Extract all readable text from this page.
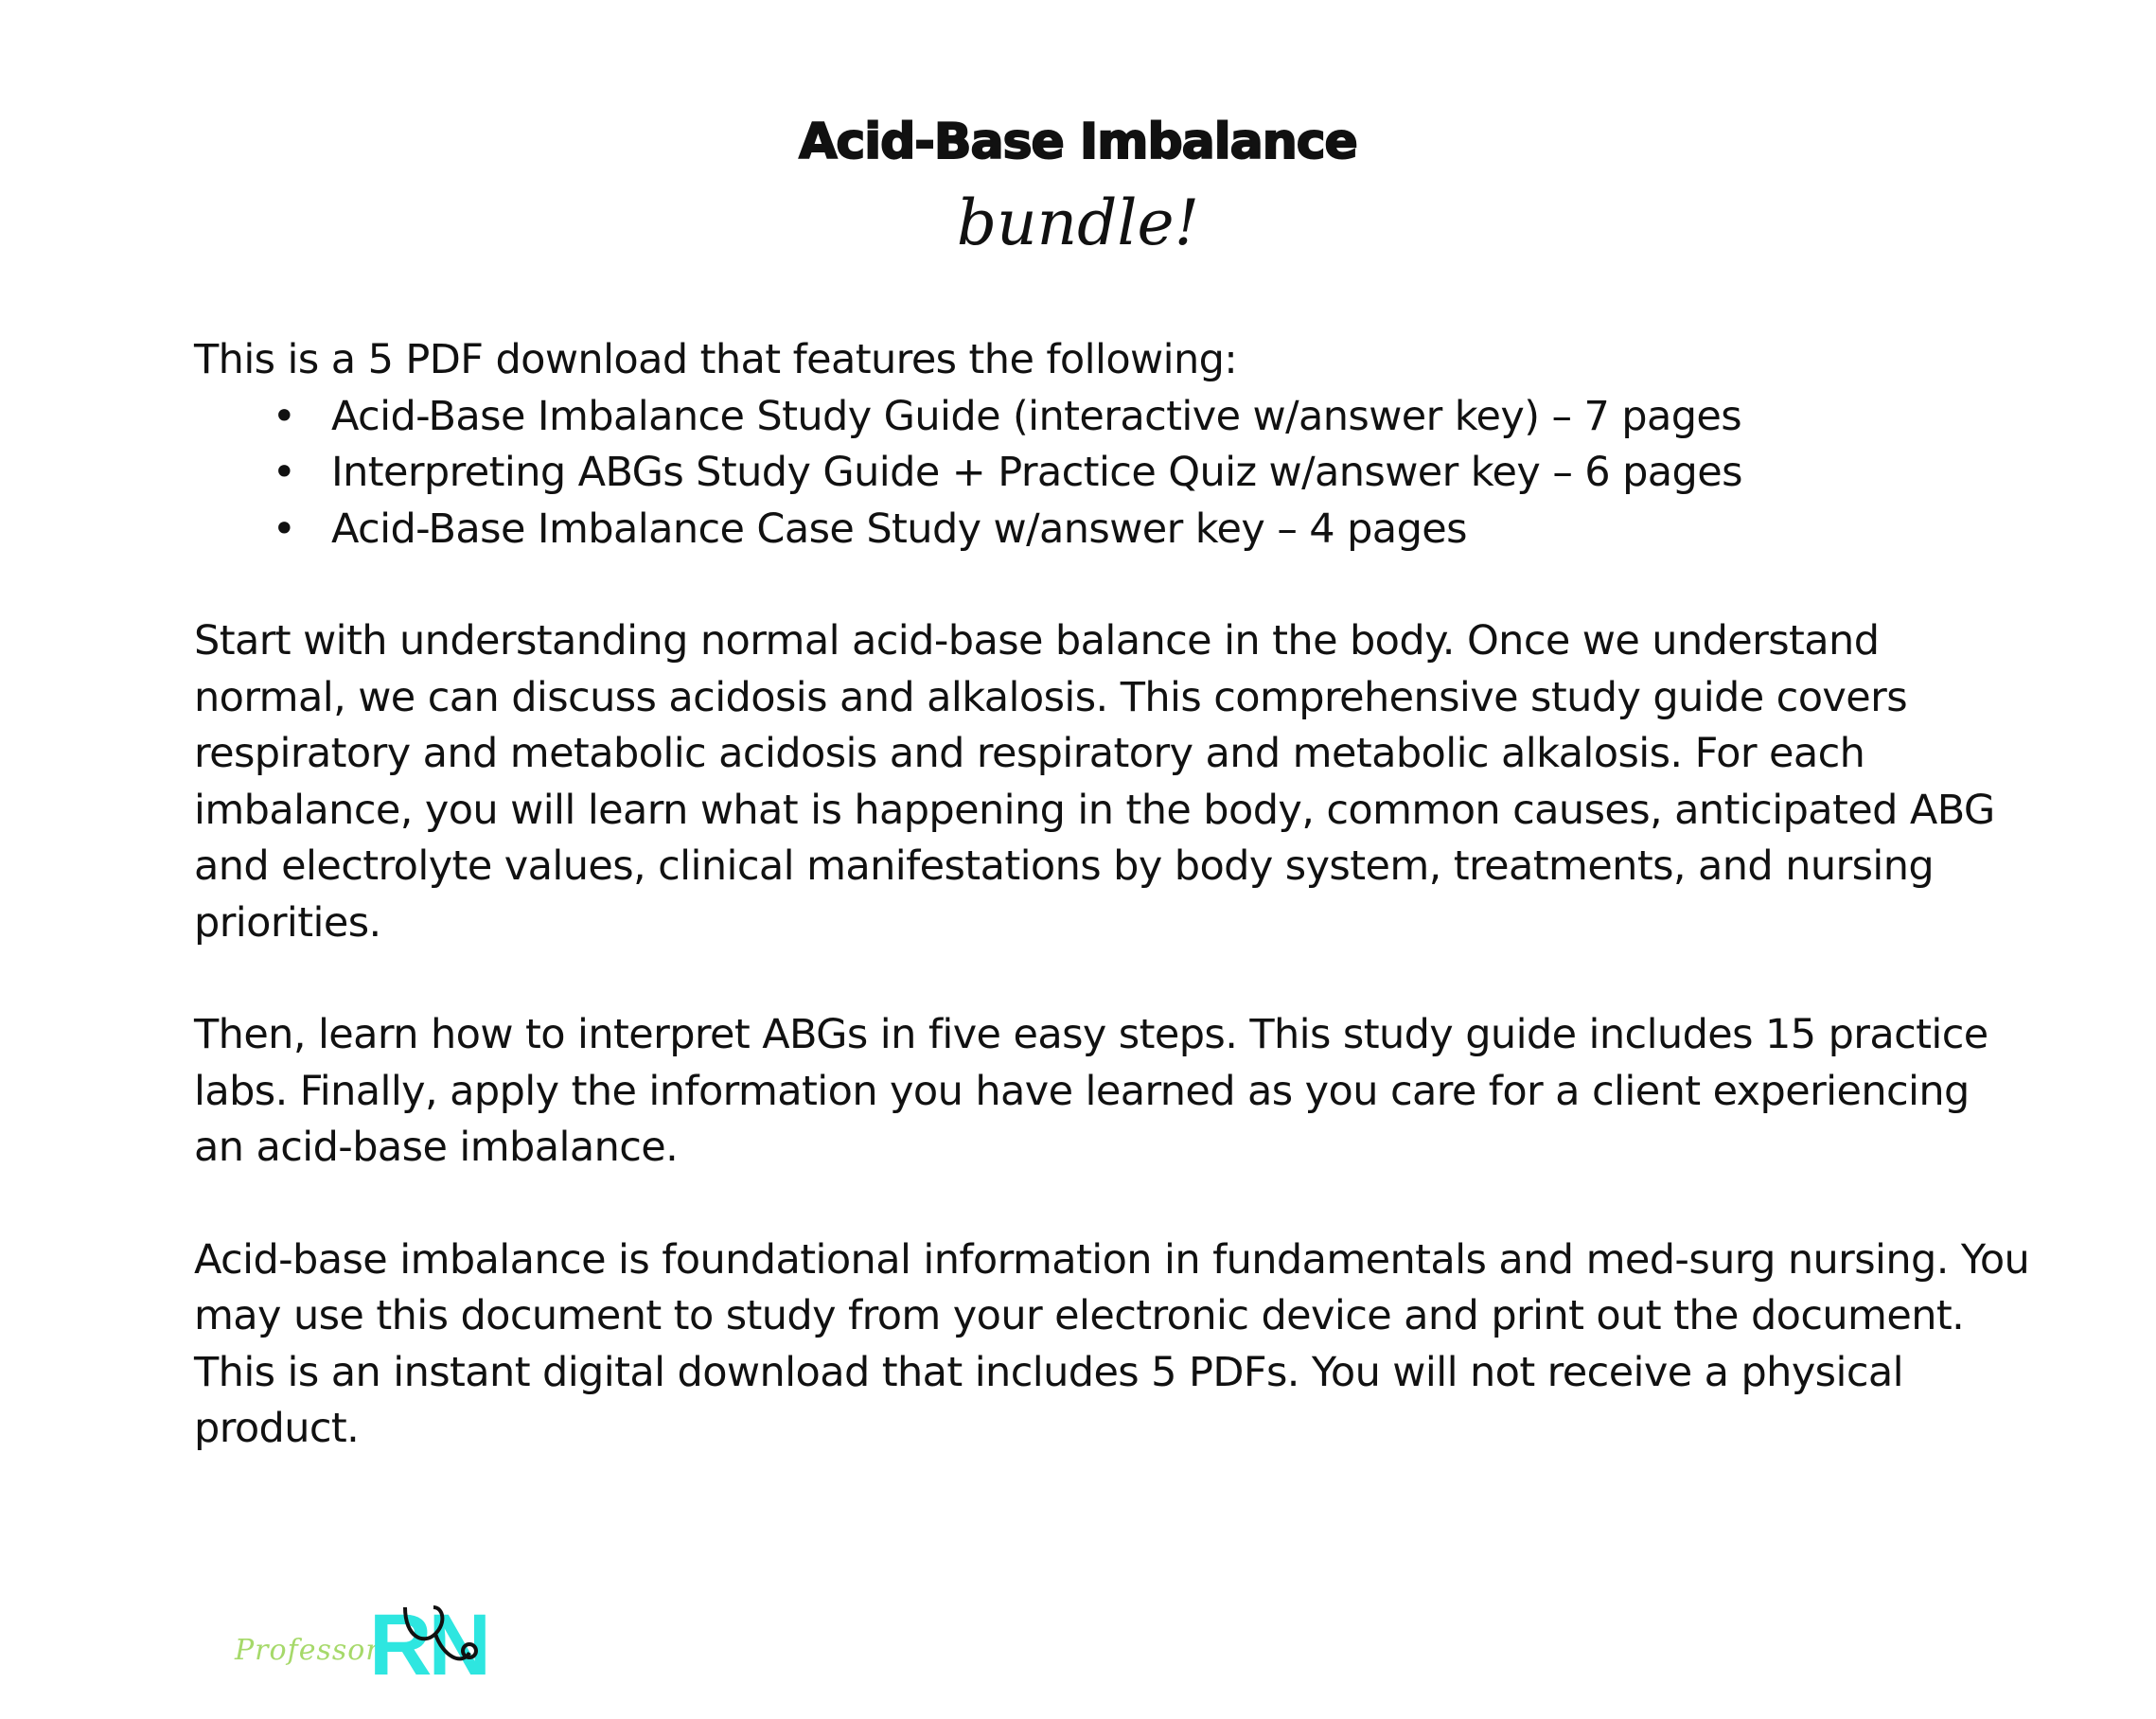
Acid-Base Imbalance
bundle!

This is a 5 PDF download that features the following:

• Acid-Base Imbalance Study Guide (interactive w/answer key) – 7 pages
• Interpreting ABGs Study Guide + Practice Quiz w/answer key – 6 pages
• Acid-Base Imbalance Case Study w/answer key – 4 pages

Start with understanding normal acid-base balance in the body. Once we understand normal, we can discuss acidosis and alkalosis. This comprehensive study guide covers respiratory and metabolic acidosis and respiratory and metabolic alkalosis. For each imbalance, you will learn what is happening in the body, common causes, anticipated ABG and electrolyte values, clinical manifestations by body system, treatments, and nursing priorities.

Then, learn how to interpret ABGs in five easy steps. This study guide includes 15 practice labs. Finally, apply the information you have learned as you care for a client experiencing an acid-base imbalance.

Acid-base imbalance is foundational information in fundamentals and med-surg nursing. You may use this document to study from your electronic device and print out the document. This is an instant digital download that includes 5 PDFs. You will not receive a physical product.

Professor
RN
